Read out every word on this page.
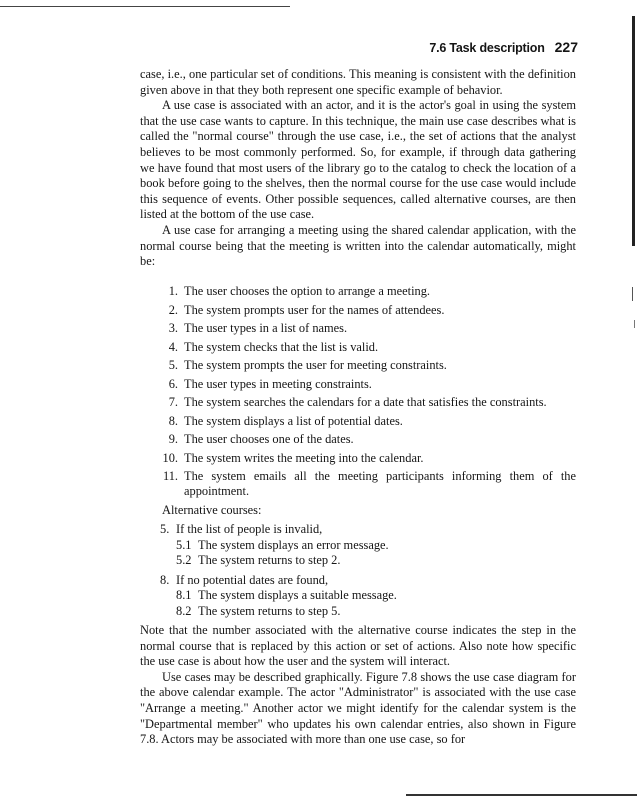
7.6 Task description 227

case, i.e., one particular set of conditions. This meaning is consistent with the definition given above in that they both represent one specific example of behavior.

A use case is associated with an actor, and it is the actor's goal in using the system that the use case wants to capture. In this technique, the main use case describes what is called the "normal course" through the use case, i.e., the set of actions that the analyst believes to be most commonly performed. So, for example, if through data gathering we have found that most users of the library go to the catalog to check the location of a book before going to the shelves, then the normal course for the use case would include this sequence of events. Other possible sequences, called alternative courses, are then listed at the bottom of the use case.

A use case for arranging a meeting using the shared calendar application, with the normal course being that the meeting is written into the calendar automatically, might be:

1. The user chooses the option to arrange a meeting.
2. The system prompts user for the names of attendees.
3. The user types in a list of names.
4. The system checks that the list is valid.
5. The system prompts the user for meeting constraints.
6. The user types in meeting constraints.
7. The system searches the calendars for a date that satisfies the constraints.
8. The system displays a list of potential dates.
9. The user chooses one of the dates.
10. The system writes the meeting into the calendar.
11. The system emails all the meeting participants informing them of the appointment.
Alternative courses:
5. If the list of people is invalid,
5.1 The system displays an error message.
5.2 The system returns to step 2.
8. If no potential dates are found,
8.1 The system displays a suitable message.
8.2 The system returns to step 5.

Note that the number associated with the alternative course indicates the step in the normal course that is replaced by this action or set of actions. Also note how specific the use case is about how the user and the system will interact.

Use cases may be described graphically. Figure 7.8 shows the use case diagram for the above calendar example. The actor "Administrator" is associated with the use case "Arrange a meeting." Another actor we might identify for the calendar system is the "Departmental member" who updates his own calendar entries, also shown in Figure 7.8. Actors may be associated with more than one use case, so for
